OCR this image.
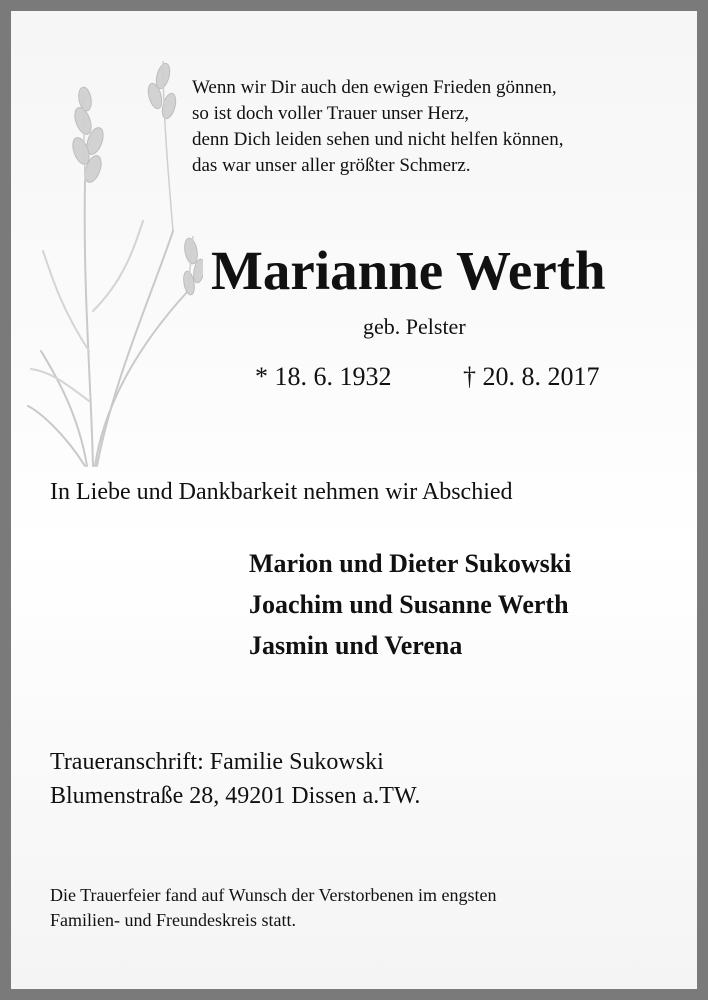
Wenn wir Dir auch den ewigen Frieden gönnen,
so ist doch voller Trauer unser Herz,
denn Dich leiden sehen und nicht helfen können,
das war unser aller größter Schmerz.
Marianne Werth
geb. Pelster
* 18. 6. 1932	† 20. 8. 2017
In Liebe und Dankbarkeit nehmen wir Abschied
Marion und Dieter Sukowski
Joachim und Susanne Werth
Jasmin und Verena
Traueranschrift: Familie Sukowski
Blumenstraße 28, 49201 Dissen a.TW.
Die Trauerfeier fand auf Wunsch der Verstorbenen im engsten
Familien- und Freundeskreis statt.
